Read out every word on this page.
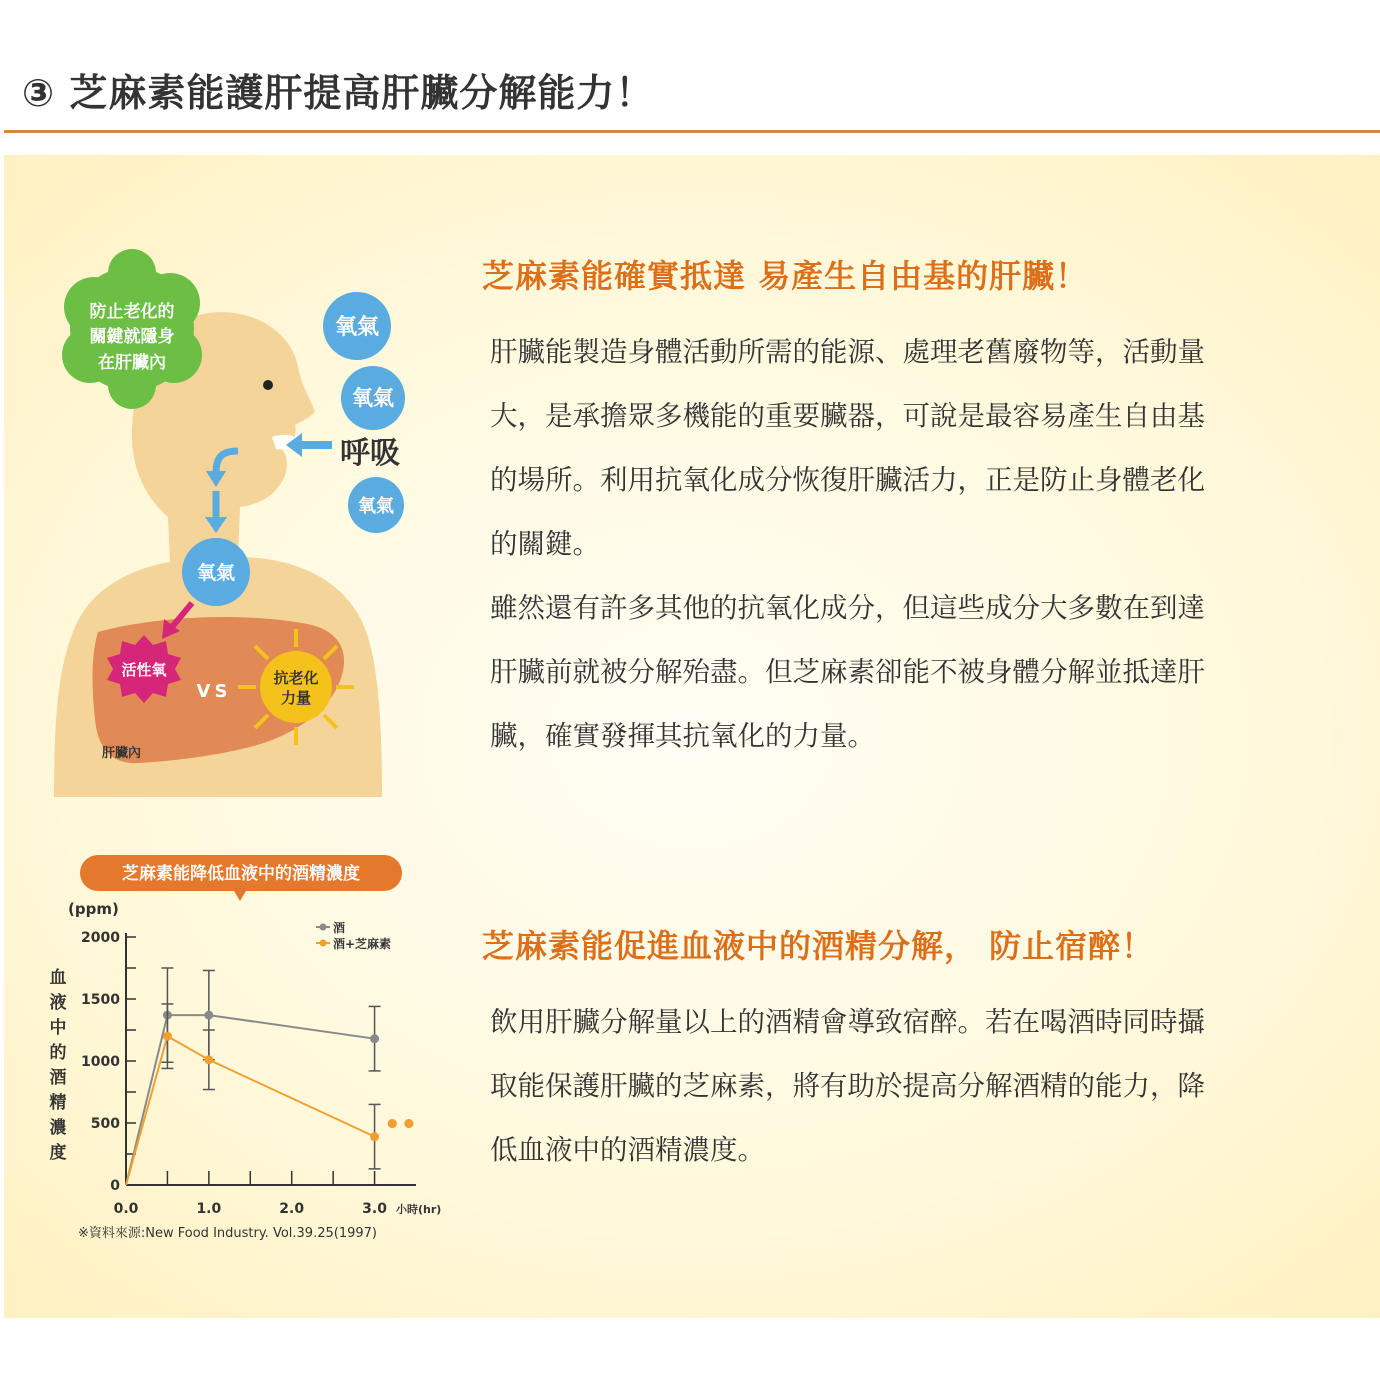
③ 芝麻素能護肝提高肝臟分解能力！
防止老化的
關鍵就隱身
在肝臟內
氧氣
氧氣
氧氣
呼吸
氧氣
活性氧
VS
抗老化
力量
肝臟內
芝麻素能降低血液中的酒精濃度
(ppm)
血
液
中
的
酒
精
濃
度
0
500
1000
1500
2000
0.0	1.0	2.0	3.0
酒
酒+芝麻素
••
小時(hr)
※資料來源:New Food Industry. Vol.39.25(1997)
芝麻素能確實抵達 易產生自由基的肝臟！
肝臟能製造身體活動所需的能源、處理老舊廢物等，活動量
大，是承擔眾多機能的重要臟器，可說是最容易產生自由基
的場所。利用抗氧化成分恢復肝臟活力，正是防止身體老化
的關鍵。
雖然還有許多其他的抗氧化成分，但這些成分大多數在到達
肝臟前就被分解殆盡。但芝麻素卻能不被身體分解並抵達肝
臟，確實發揮其抗氧化的力量。
芝麻素能促進血液中的酒精分解， 防止宿醉！
飲用肝臟分解量以上的酒精會導致宿醉。若在喝酒時同時攝
取能保護肝臟的芝麻素，將有助於提高分解酒精的能力，降
低血液中的酒精濃度。
